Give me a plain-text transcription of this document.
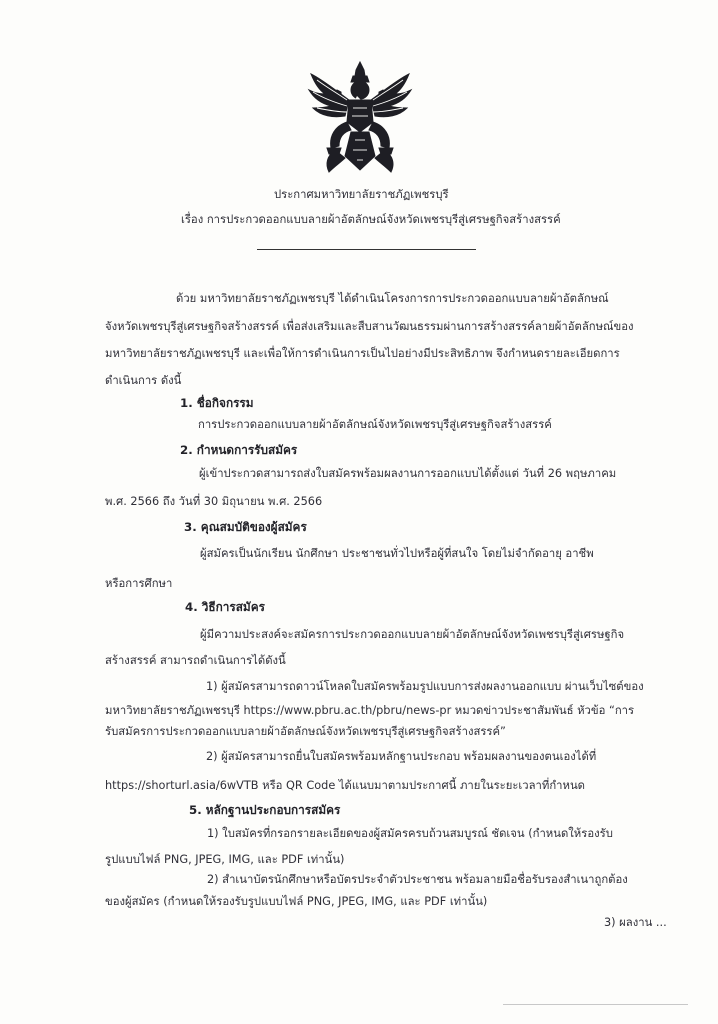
ประกาศมหาวิทยาลัยราชภัฏเพชรบุรี
เรื่อง การประกวดออกแบบลายผ้าอัตลักษณ์จังหวัดเพชรบุรีสู่เศรษฐกิจสร้างสรรค์
ด้วย มหาวิทยาลัยราชภัฏเพชรบุรี ได้ดำเนินโครงการการประกวดออกแบบลายผ้าอัตลักษณ์
จังหวัดเพชรบุรีสู่เศรษฐกิจสร้างสรรค์ เพื่อส่งเสริมและสืบสานวัฒนธรรมผ่านการสร้างสรรค์ลายผ้าอัตลักษณ์ของ
มหาวิทยาลัยราชภัฏเพชรบุรี และเพื่อให้การดำเนินการเป็นไปอย่างมีประสิทธิภาพ จึงกำหนดรายละเอียดการ
ดำเนินการ ดังนี้
1. ชื่อกิจกรรม
การประกวดออกแบบลายผ้าอัตลักษณ์จังหวัดเพชรบุรีสู่เศรษฐกิจสร้างสรรค์
2. กำหนดการรับสมัคร
ผู้เข้าประกวดสามารถส่งใบสมัครพร้อมผลงานการออกแบบได้ตั้งแต่ วันที่ 26 พฤษภาคม
พ.ศ. 2566 ถึง วันที่ 30 มิถุนายน พ.ศ. 2566
3. คุณสมบัติของผู้สมัคร
ผู้สมัครเป็นนักเรียน นักศึกษา ประชาชนทั่วไปหรือผู้ที่สนใจ โดยไม่จำกัดอายุ อาชีพ
หรือการศึกษา
4. วิธีการสมัคร
ผู้มีความประสงค์จะสมัครการประกวดออกแบบลายผ้าอัตลักษณ์จังหวัดเพชรบุรีสู่เศรษฐกิจ
สร้างสรรค์ สามารถดำเนินการได้ดังนี้
1) ผู้สมัครสามารถดาวน์โหลดใบสมัครพร้อมรูปแบบการส่งผลงานออกแบบ ผ่านเว็บไซต์ของ
มหาวิทยาลัยราชภัฏเพชรบุรี https://www.pbru.ac.th/pbru/news-pr หมวดข่าวประชาสัมพันธ์ หัวข้อ “การ
รับสมัครการประกวดออกแบบลายผ้าอัตลักษณ์จังหวัดเพชรบุรีสู่เศรษฐกิจสร้างสรรค์”
2) ผู้สมัครสามารถยื่นใบสมัครพร้อมหลักฐานประกอบ พร้อมผลงานของตนเองได้ที่
https://shorturl.asia/6wVTB หรือ QR Code ได้แนบมาตามประกาศนี้ ภายในระยะเวลาที่กำหนด
5. หลักฐานประกอบการสมัคร
1) ใบสมัครที่กรอกรายละเอียดของผู้สมัครครบถ้วนสมบูรณ์ ชัดเจน (กำหนดให้รองรับ
รูปแบบไฟล์ PNG, JPEG, IMG, และ PDF เท่านั้น)
2) สำเนาบัตรนักศึกษาหรือบัตรประจำตัวประชาชน พร้อมลายมือชื่อรับรองสำเนาถูกต้อง
ของผู้สมัคร (กำหนดให้รองรับรูปแบบไฟล์ PNG, JPEG, IMG, และ PDF เท่านั้น)
3) ผลงาน ...
